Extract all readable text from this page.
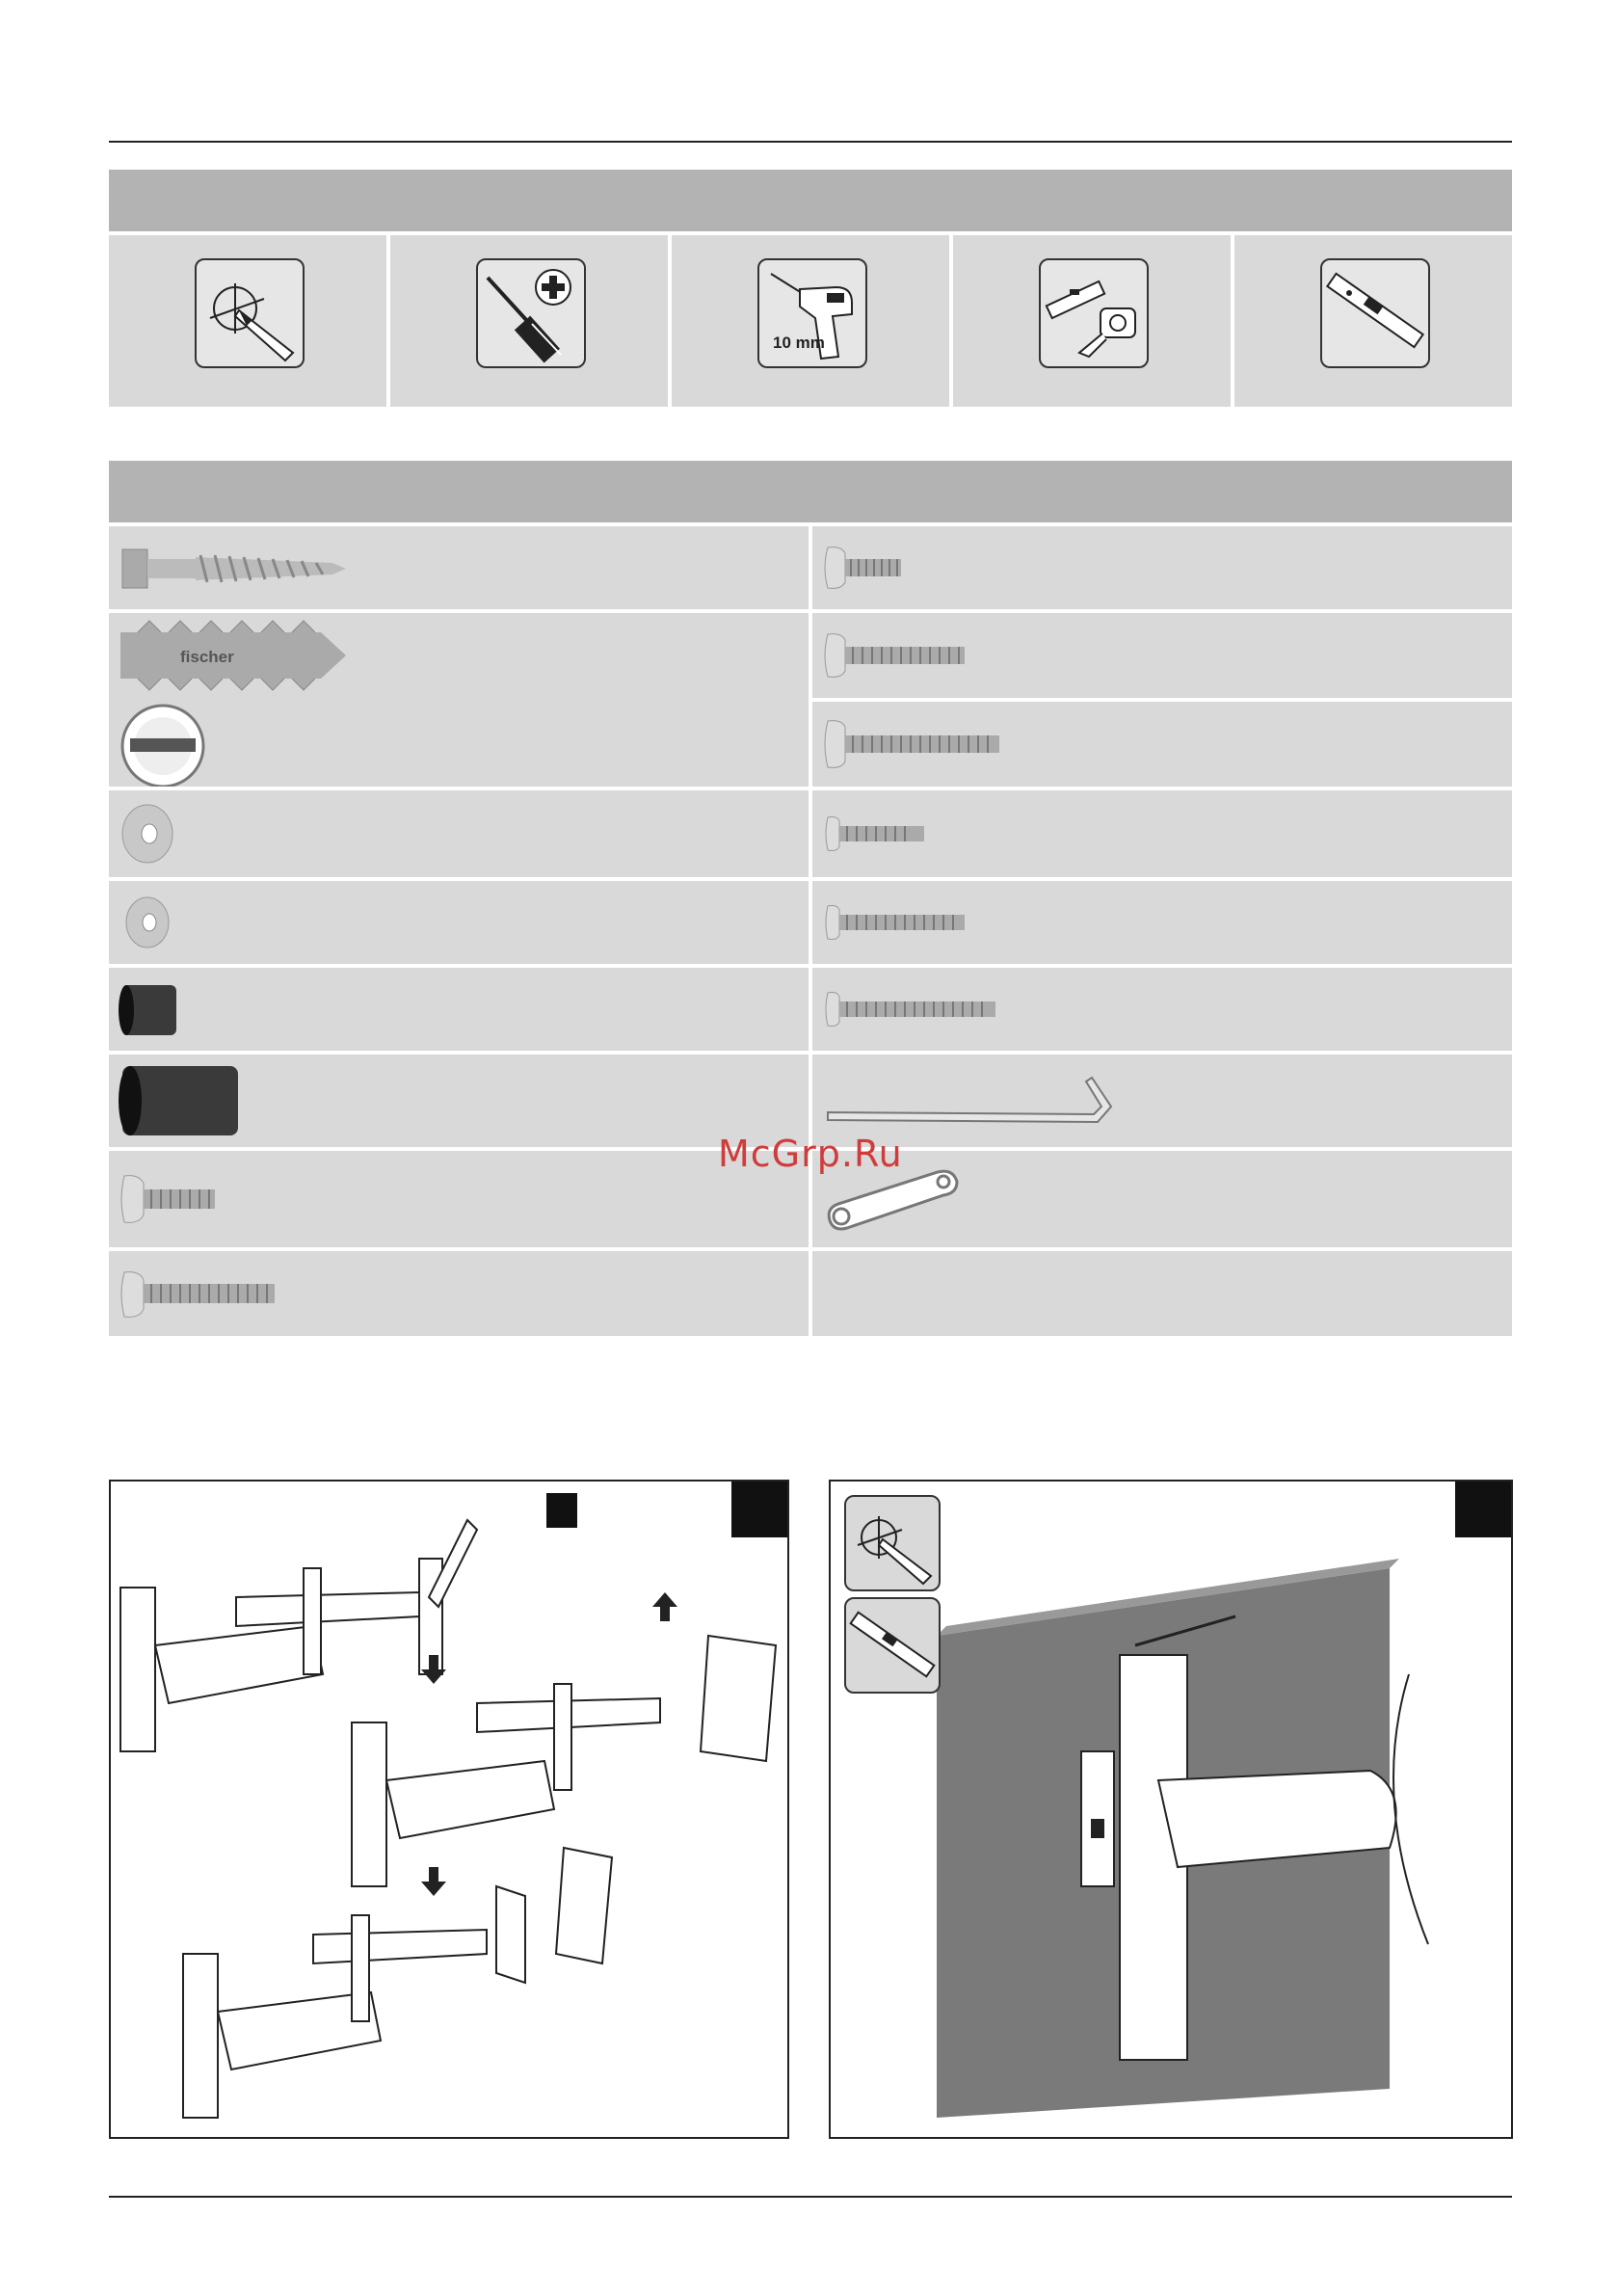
10 mm
fischer
McGrp.Ru
